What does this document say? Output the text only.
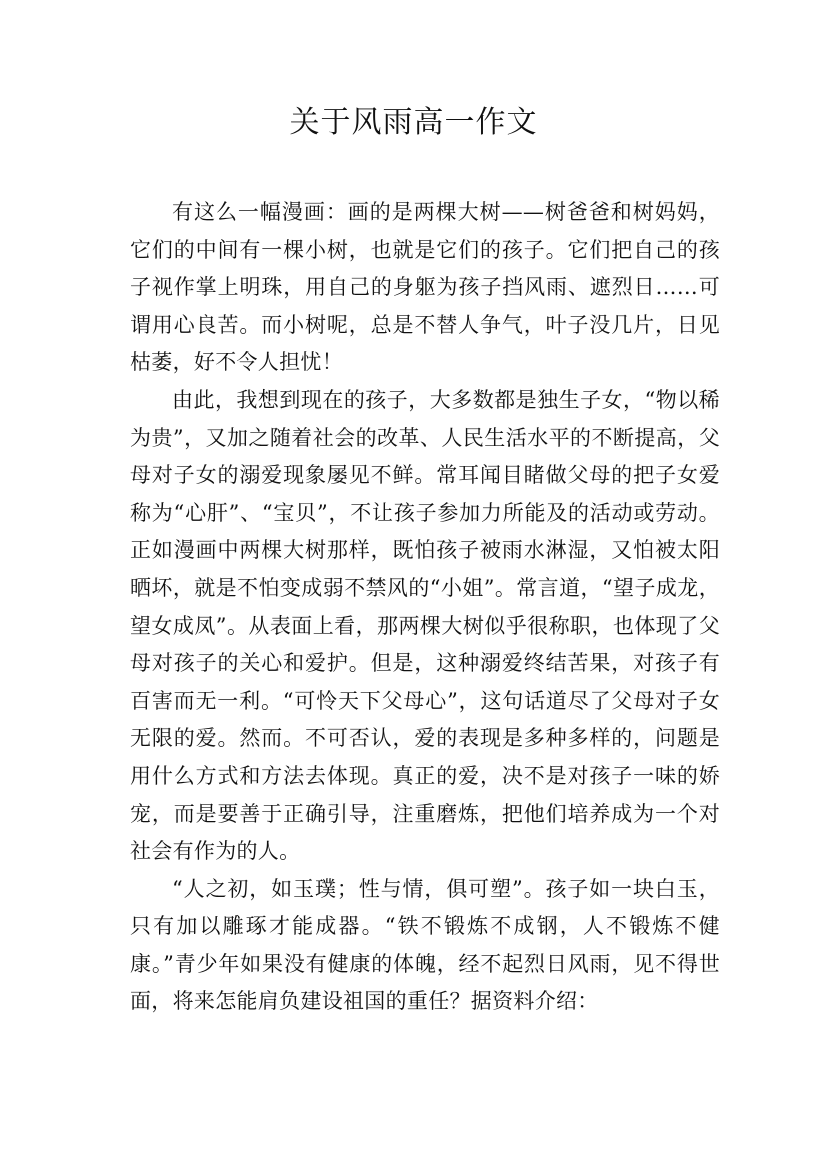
关于风雨高一作文

有这么一幅漫画：画的是两棵大树——树爸爸和树妈妈，它们的中间有一棵小树，也就是它们的孩子。它们把自己的孩子视作掌上明珠，用自己的身躯为孩子挡风雨、遮烈日……可谓用心良苦。而小树呢，总是不替人争气，叶子没几片，日见枯萎，好不令人担忧！

由此，我想到现在的孩子，大多数都是独生子女，“物以稀为贵”，又加之随着社会的改革、人民生活水平的不断提高，父母对子女的溺爱现象屡见不鲜。常耳闻目睹做父母的把子女爱称为“心肝”、“宝贝”，不让孩子参加力所能及的活动或劳动。正如漫画中两棵大树那样，既怕孩子被雨水淋湿，又怕被太阳晒坏，就是不怕变成弱不禁风的“小姐”。常言道，“望子成龙，望女成凤”。从表面上看，那两棵大树似乎很称职，也体现了父母对孩子的关心和爱护。但是，这种溺爱终结苦果，对孩子有百害而无一利。“可怜天下父母心”，这句话道尽了父母对子女无限的爱。然而。不可否认，爱的表现是多种多样的，问题是用什么方式和方法去体现。真正的爱，决不是对孩子一味的娇宠，而是要善于正确引导，注重磨炼，把他们培养成为一个对社会有作为的人。

“人之初，如玉璞；性与情，俱可塑”。孩子如一块白玉，只有加以雕琢才能成器。“铁不锻炼不成钢，人不锻炼不健康。”青少年如果没有健康的体魄，经不起烈日风雨，见不得世面，将来怎能肩负建设祖国的重任？据资料介绍：
